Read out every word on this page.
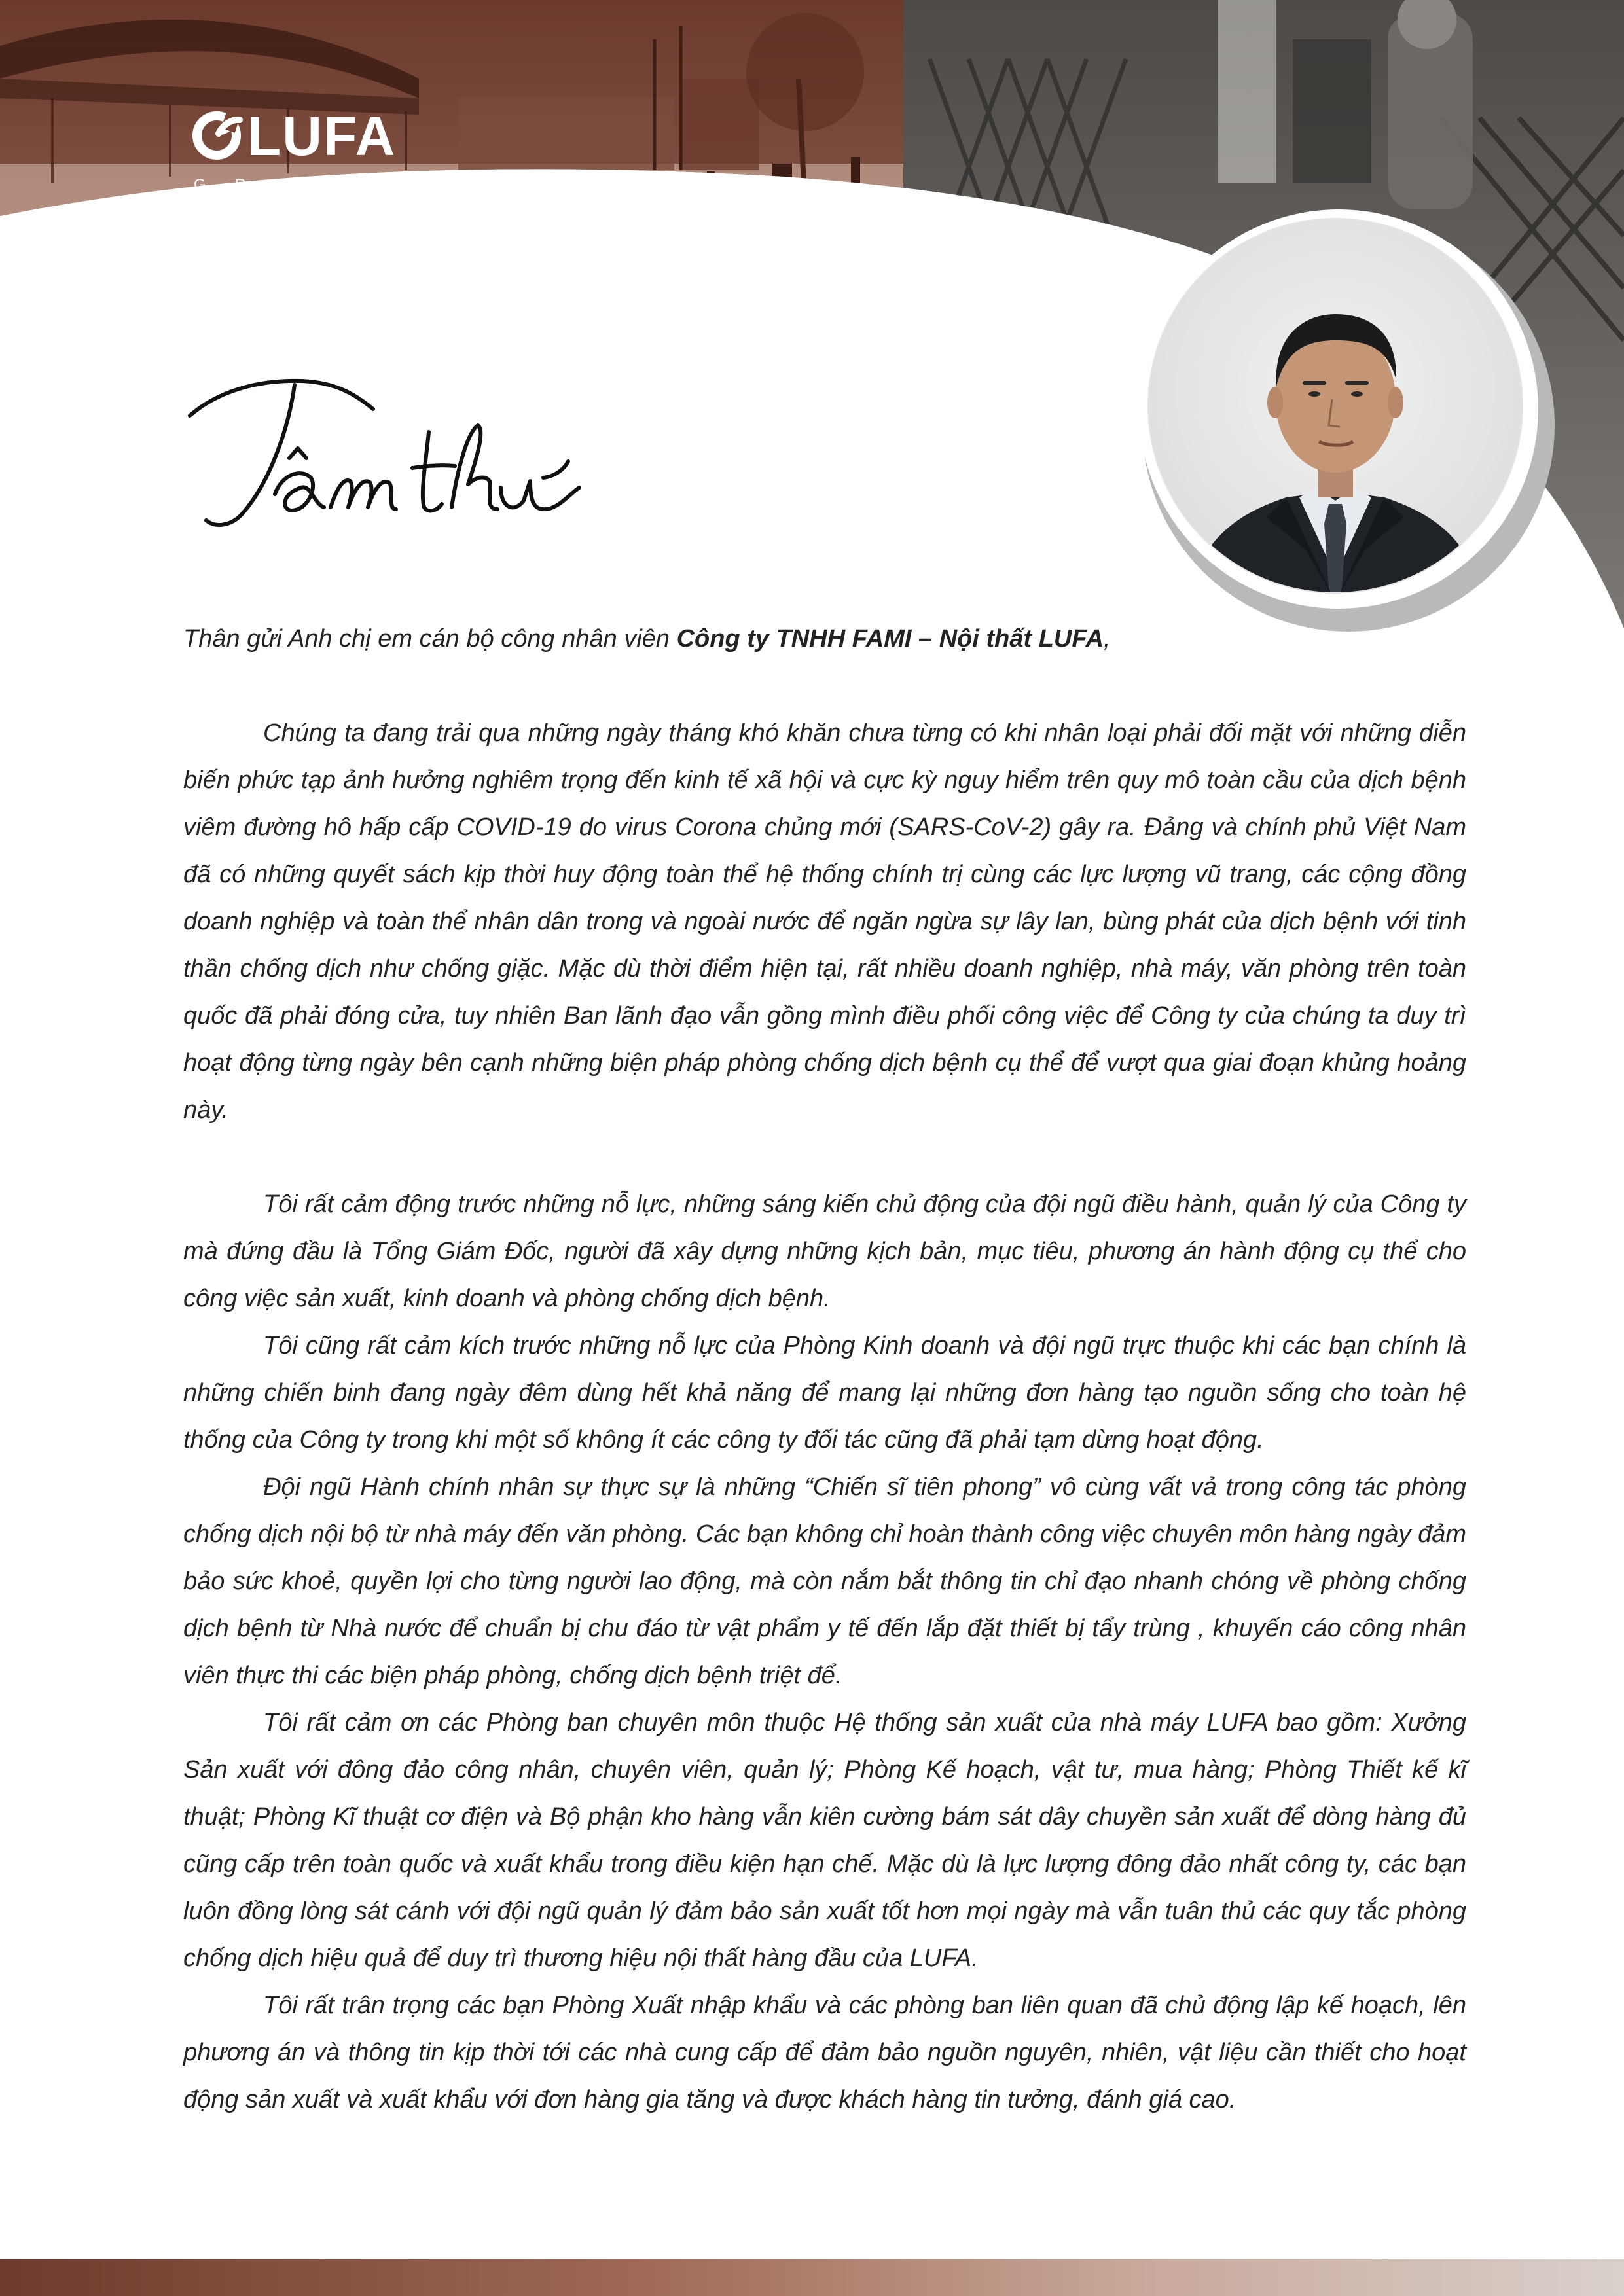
LUFA
GROUP

Thân gửi Anh chị em cán bộ công nhân viên Công ty TNHH FAMI – Nội thất LUFA,

Chúng ta đang trải qua những ngày tháng khó khăn chưa từng có khi nhân loại phải đối mặt với những diễn biến phức tạp ảnh hưởng nghiêm trọng đến kinh tế xã hội và cực kỳ nguy hiểm trên quy mô toàn cầu của dịch bệnh viêm đường hô hấp cấp COVID-19 do virus Corona chủng mới (SARS-CoV-2) gây ra. Đảng và chính phủ Việt Nam đã có những quyết sách kịp thời huy động toàn thể hệ thống chính trị cùng các lực lượng vũ trang, các cộng đồng doanh nghiệp và toàn thể nhân dân trong và ngoài nước để ngăn ngừa sự lây lan, bùng phát của dịch bệnh với tinh thần chống dịch như chống giặc. Mặc dù thời điểm hiện tại, rất nhiều doanh nghiệp, nhà máy, văn phòng trên toàn quốc đã phải đóng cửa, tuy nhiên Ban lãnh đạo vẫn gồng mình điều phối công việc để Công ty của chúng ta duy trì hoạt động từng ngày bên cạnh những biện pháp phòng chống dịch bệnh cụ thể để vượt qua giai đoạn khủng hoảng này.

Tôi rất cảm động trước những nỗ lực, những sáng kiến chủ động của đội ngũ điều hành, quản lý của Công ty mà đứng đầu là Tổng Giám Đốc, người đã xây dựng những kịch bản, mục tiêu, phương án hành động cụ thể cho công việc sản xuất, kinh doanh và phòng chống dịch bệnh.

Tôi cũng rất cảm kích trước những nỗ lực của Phòng Kinh doanh và đội ngũ trực thuộc khi các bạn chính là những chiến binh đang ngày đêm dùng hết khả năng để mang lại những đơn hàng tạo nguồn sống cho toàn hệ thống của Công ty trong khi một số không ít các công ty đối tác cũng đã phải tạm dừng hoạt động.

Đội ngũ Hành chính nhân sự thực sự là những “Chiến sĩ tiên phong” vô cùng vất vả trong công tác phòng chống dịch nội bộ từ nhà máy đến văn phòng. Các bạn không chỉ hoàn thành công việc chuyên môn hàng ngày đảm bảo sức khoẻ, quyền lợi cho từng người lao động, mà còn nắm bắt thông tin chỉ đạo nhanh chóng về phòng chống dịch bệnh từ Nhà nước để chuẩn bị chu đáo từ vật phẩm y tế đến lắp đặt thiết bị tẩy trùng , khuyến cáo công nhân viên thực thi các biện pháp phòng, chống dịch bệnh triệt để.

Tôi rất cảm ơn các Phòng ban chuyên môn thuộc Hệ thống sản xuất của nhà máy LUFA bao gồm: Xưởng Sản xuất với đông đảo công nhân, chuyên viên, quản lý; Phòng Kế hoạch, vật tư, mua hàng; Phòng Thiết kế kĩ thuật; Phòng Kĩ thuật cơ điện và Bộ phận kho hàng vẫn kiên cường bám sát dây chuyền sản xuất để dòng hàng đủ cũng cấp trên toàn quốc và xuất khẩu trong điều kiện hạn chế. Mặc dù là lực lượng đông đảo nhất công ty, các bạn luôn đồng lòng sát cánh với đội ngũ quản lý đảm bảo sản xuất tốt hơn mọi ngày mà vẫn tuân thủ các quy tắc phòng chống dịch hiệu quả để duy trì thương hiệu nội thất hàng đầu của LUFA.

Tôi rất trân trọng các bạn Phòng Xuất nhập khẩu và các phòng ban liên quan đã chủ động lập kế hoạch, lên phương án và thông tin kịp thời tới các nhà cung cấp để đảm bảo nguồn nguyên, nhiên, vật liệu cần thiết cho hoạt động sản xuất và xuất khẩu với đơn hàng gia tăng và được khách hàng tin tưởng, đánh giá cao.
